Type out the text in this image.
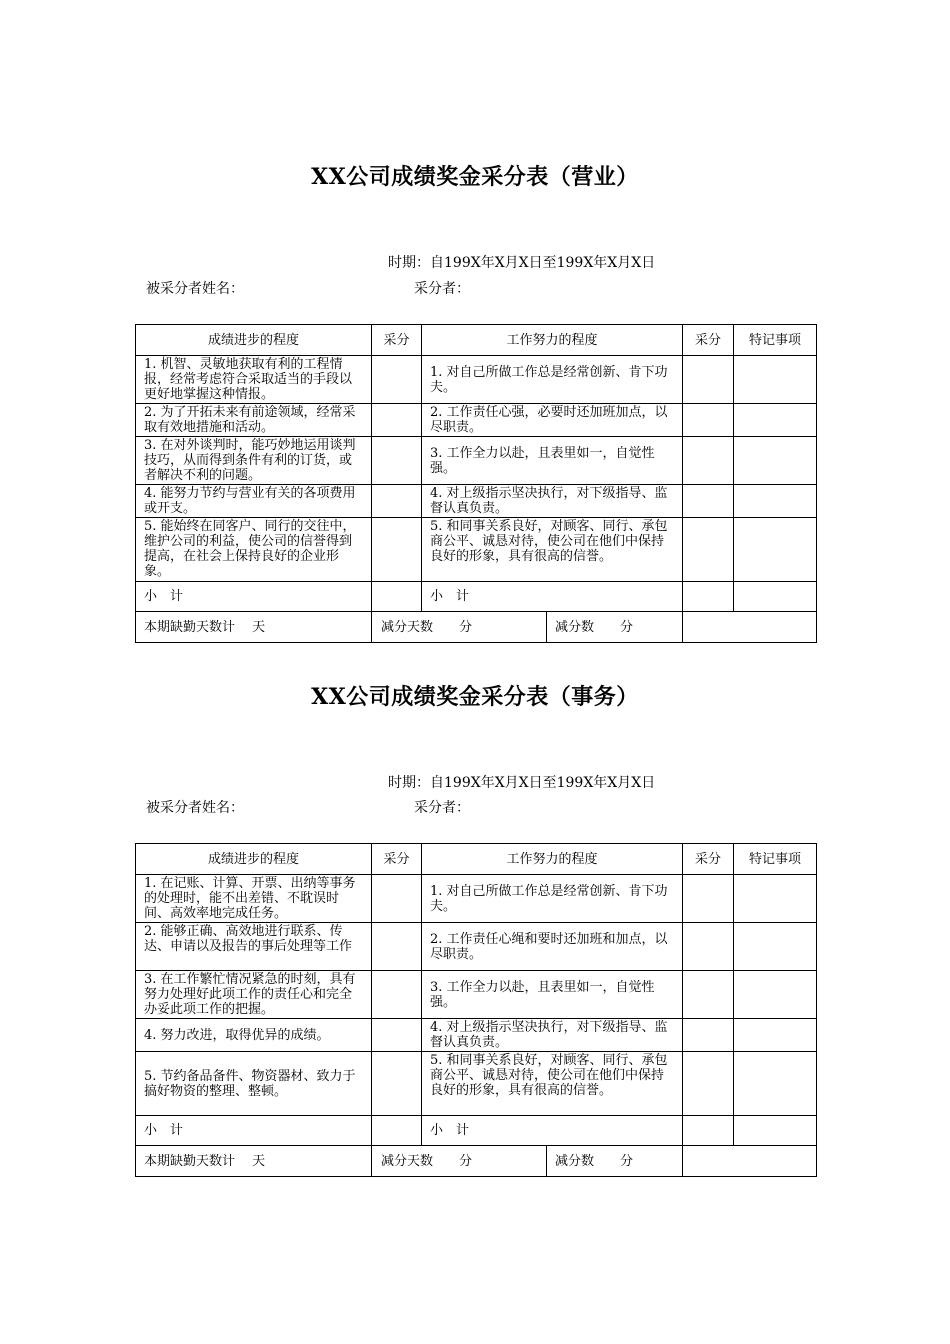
XX公司成绩奖金采分表（营业）
时期：自199X年X月X日至199X年X月X日
被采分者姓名：	采分者：
成绩进步的程度	采分	工作努力的程度	采分	特记事项
1. 机智、灵敏地获取有利的工程情报，经常考虑符合采取适当的手段以更好地掌握这种情报。		1. 对自己所做工作总是经常创新、肯下功夫。		
2. 为了开拓未来有前途领域，经常采取有效地措施和活动。		2. 工作责任心强，必要时还加班加点，以尽职责。		
3. 在对外谈判时，能巧妙地运用谈判技巧，从而得到条件有利的订货，或者解决不利的问题。		3. 工作全力以赴，且表里如一，自觉性强。		
4. 能努力节约与营业有关的各项费用或开支。		4. 对上级指示坚决执行，对下级指导、监督认真负责。		
5. 能始终在同客户、同行的交往中，维护公司的利益，使公司的信誉得到提高，在社会上保持良好的企业形象。		5. 和同事关系良好，对顾客、同行、承包商公平、诚恳对待，使公司在他们中保持良好的形象，具有很高的信誉。		
小　计		小　计		
本期缺勤天数计　 天	减分天数　　分 减分数　　分			

XX公司成绩奖金采分表（事务）
时期：自199X年X月X日至199X年X月X日
被采分者姓名：	采分者：
成绩进步的程度	采分	工作努力的程度	采分	特记事项
1. 在记账、计算、开票、出纳等事务的处理时，能不出差错、不耽误时间、高效率地完成任务。		1. 对自己所做工作总是经常创新、肯下功夫。		
2. 能够正确、高效地进行联系、传达、申请以及报告的事后处理等工作		2. 工作责任心绳和要时还加班和加点，以尽职责。		
3. 在工作繁忙情况紧急的时刻，具有努力处理好此项工作的责任心和完全办妥此项工作的把握。		3. 工作全力以赴，且表里如一，自觉性强。		
4. 努力改进，取得优异的成绩。		4. 对上级指示坚决执行，对下级指导、监督认真负责。		
5. 节约备品备件、物资器材、致力于搞好物资的整理、整顿。		5. 和同事关系良好，对顾客、同行、承包商公平、诚恳对待，使公司在他们中保持良好的形象，具有很高的信誉。		
小　计		小　计		
本期缺勤天数计　 天	减分天数　　分 减分数　　分			
